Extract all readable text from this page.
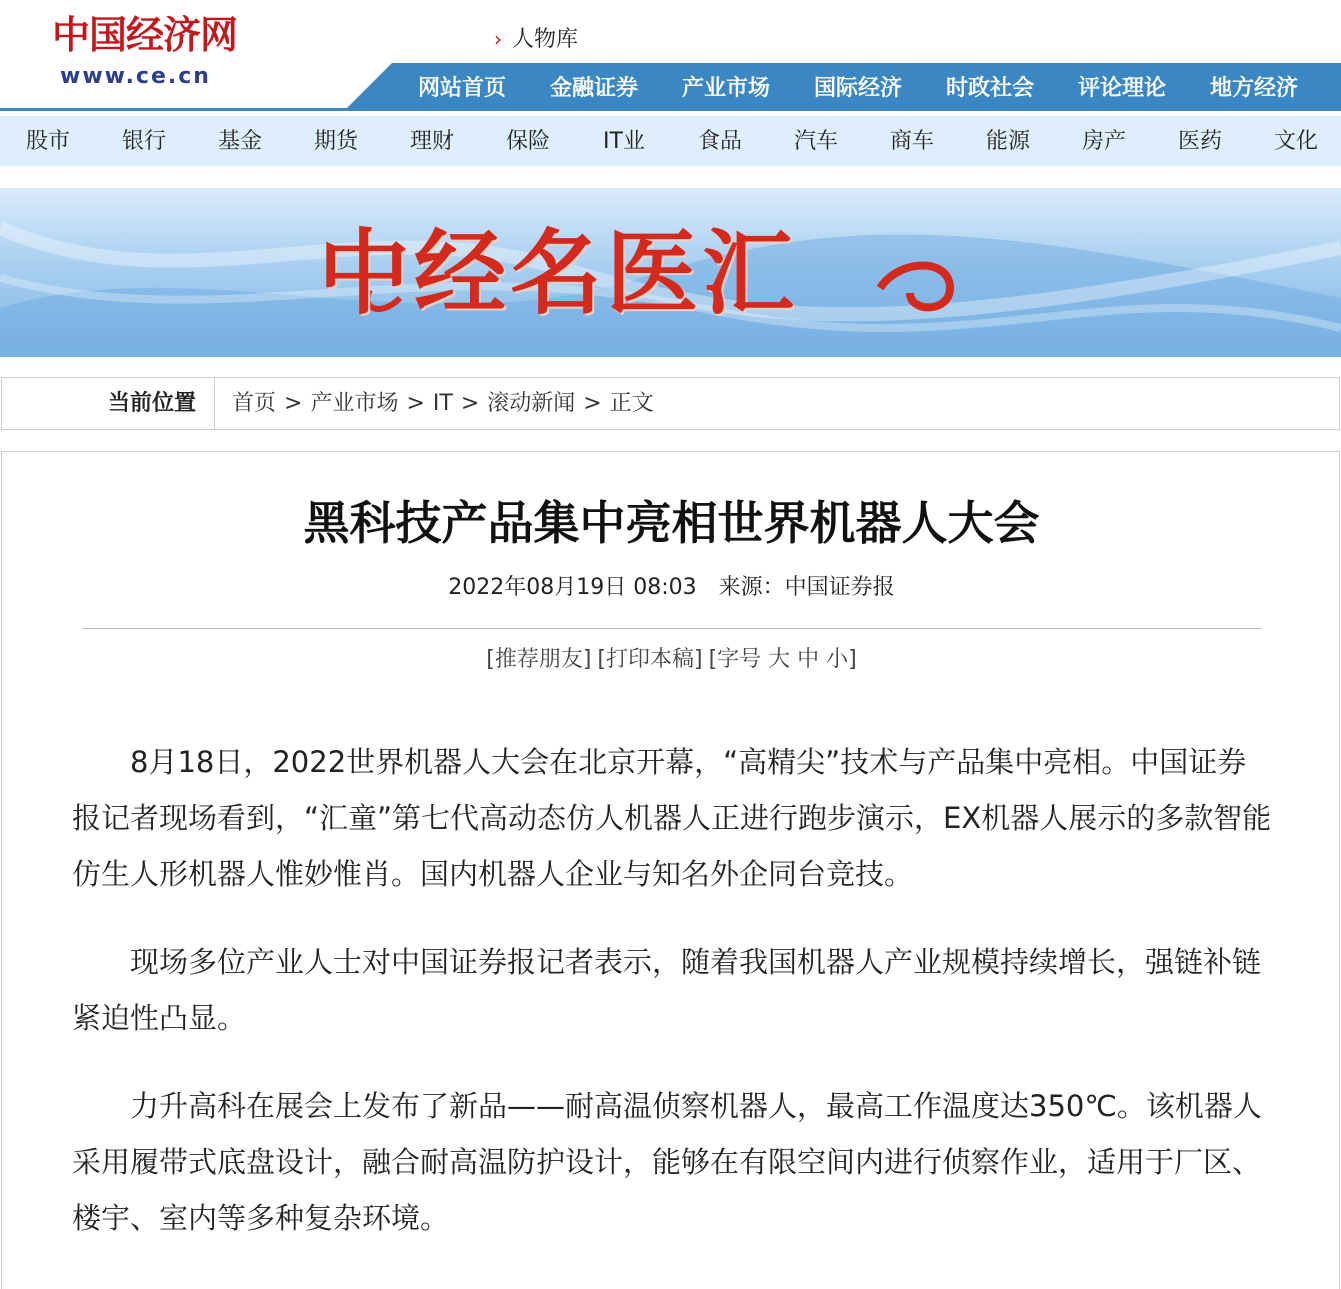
中国经济网
www.ce.cn
› 人物库
网站首页	金融证券	产业市场	国际经济	时政社会	评论理论	地方经济
股市	银行	基金	期货	理财	保险	IT业	食品	汽车	商车	能源	房产	医药	文化
中经名医汇
当前位置	首页 > 产业市场 > IT > 滚动新闻 > 正文
黑科技产品集中亮相世界机器人大会
2022年08月19日 08:03 来源：中国证券报
[推荐朋友] [打印本稿] [字号 大 中 小]

8月18日，2022世界机器人大会在北京开幕，“高精尖”技术与产品集中亮相。中国证券报记者现场看到，“汇童”第七代高动态仿人机器人正进行跑步演示，EX机器人展示的多款智能仿生人形机器人惟妙惟肖。国内机器人企业与知名外企同台竞技。

现场多位产业人士对中国证券报记者表示，随着我国机器人产业规模持续增长，强链补链紧迫性凸显。

力升高科在展会上发布了新品——耐高温侦察机器人，最高工作温度达350℃。该机器人采用履带式底盘设计，融合耐高温防护设计，能够在有限空间内进行侦察作业，适用于厂区、楼宇、室内等多种复杂环境。
